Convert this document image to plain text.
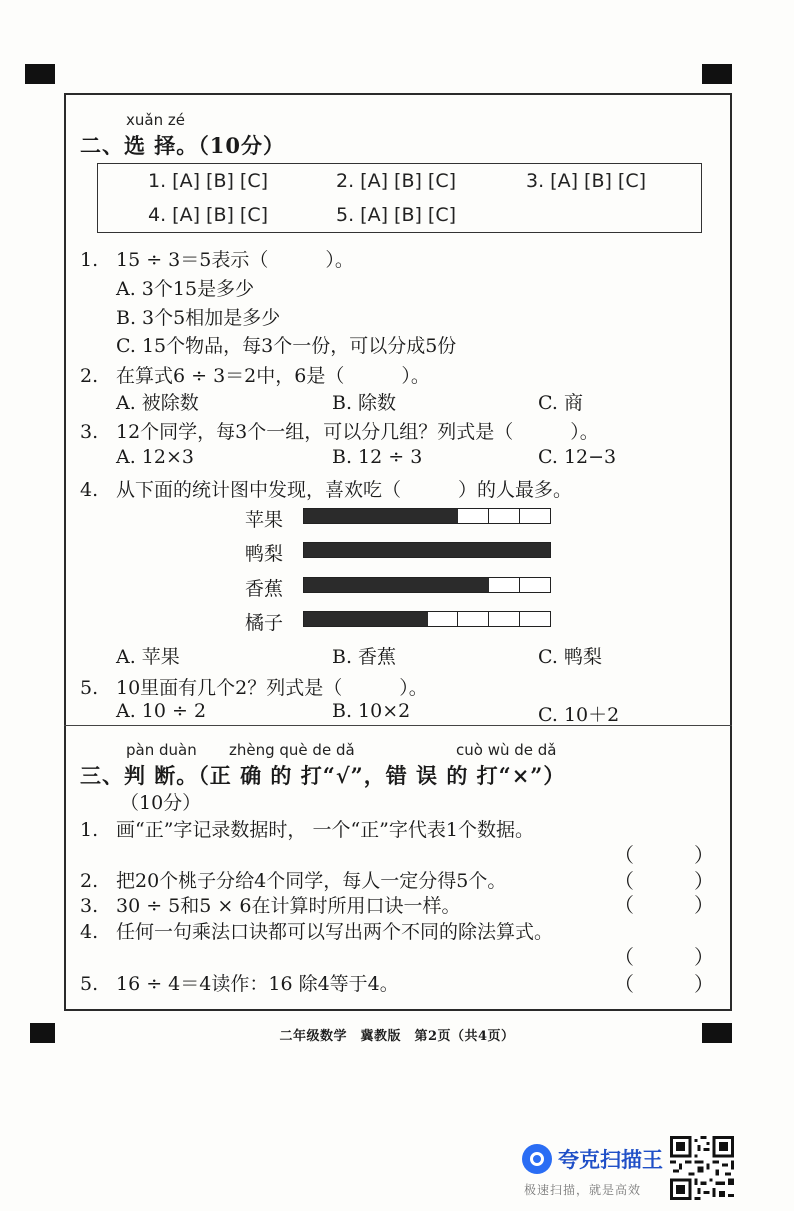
xuǎn zé
二、选 择。（10分）
1. [A] [B] [C]	2. [A] [B] [C]	3. [A] [B] [C]
4. [A] [B] [C]	5. [A] [B] [C]
1. 15 ÷ 3＝5表示（　　　）。
A. 3个15是多少
B. 3个5相加是多少
C. 15个物品，每3个一份，可以分成5份
2. 在算式6 ÷ 3＝2中，6是（　　　）。
A. 被除数	B. 除数	C. 商
3. 12个同学，每3个一组，可以分几组？列式是（　　　）。
A. 12×3	B. 12 ÷ 3	C. 12−3
4. 从下面的统计图中发现，喜欢吃（　　　）的人最多。
苹果
鸭梨
香蕉
橘子
A. 苹果	B. 香蕉	C. 鸭梨
5. 10里面有几个2？列式是（　　　）。
A. 10 ÷ 2	B. 10×2	C. 10＋2
pàn duàn zhèng què de dǎ	cuò wù de dǎ
三、判 断。（正 确 的 打“√”，错 误 的 打“×”）
（10分）
1. 画“正”字记录数据时， 一个“正”字代表1个数据。
（　　　）
2. 把20个桃子分给4个同学，每人一定分得5个。	（　　　）
3. 30 ÷ 5和5 × 6在计算时所用口诀一样。	（　　　）
4. 任何一句乘法口诀都可以写出两个不同的除法算式。
（　　　）
5. 16 ÷ 4＝4读作：16 除4等于4。	（　　　）
二年级数学　冀教版　第2页（共4页）
夸克扫描王
极速扫描，就是高效
